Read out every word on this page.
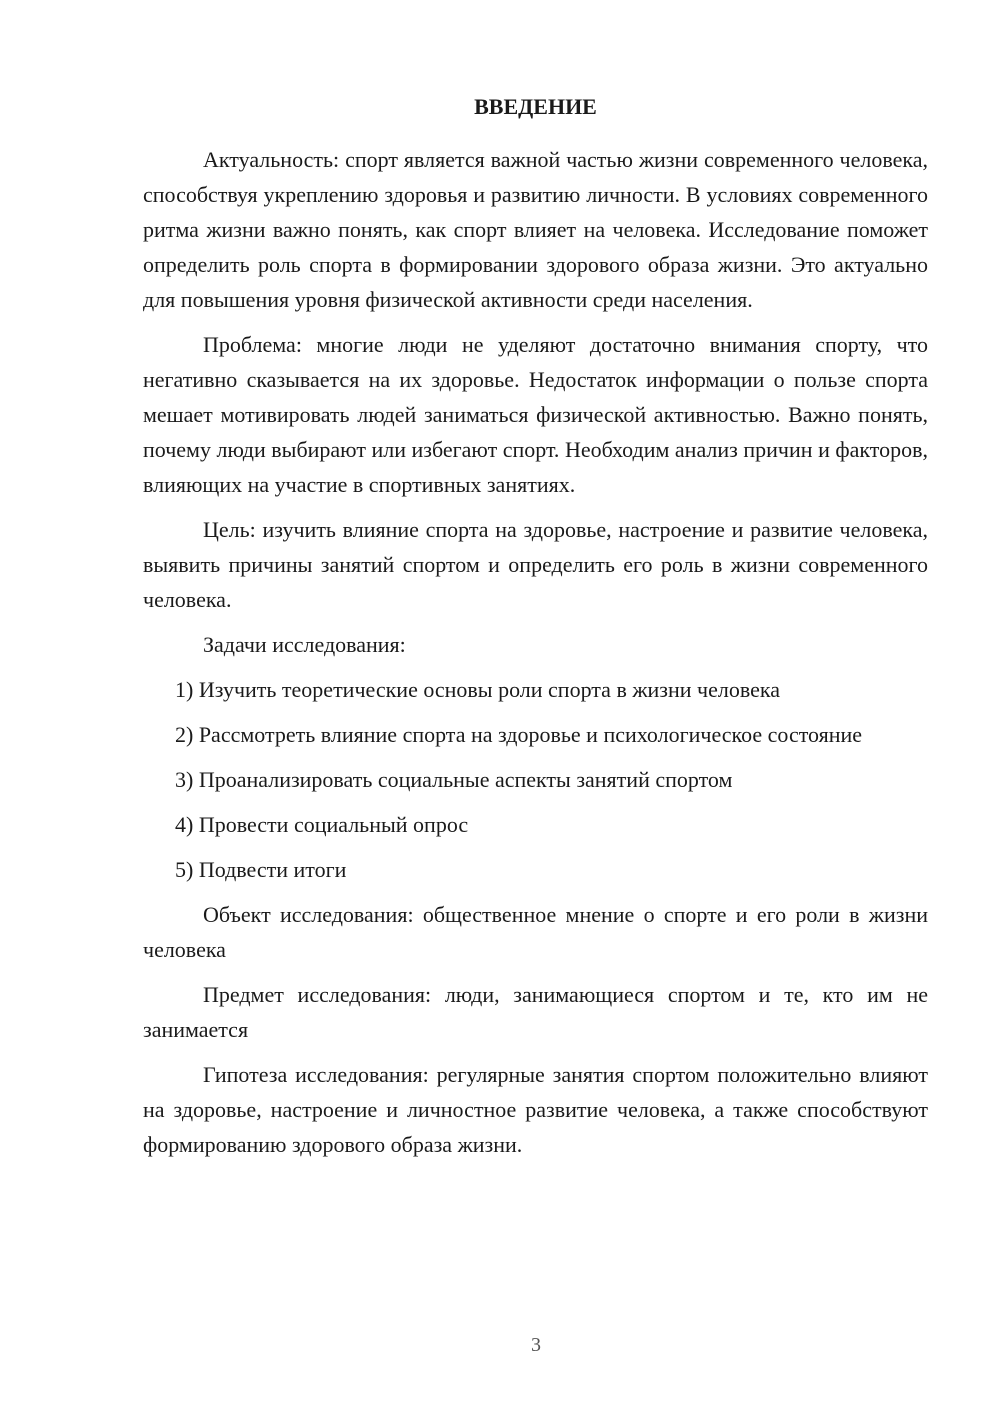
ВВЕДЕНИЕ

Актуальность: спорт является важной частью жизни современного человека, способствуя укреплению здоровья и развитию личности. В условиях современного ритма жизни важно понять, как спорт влияет на человека. Исследование поможет определить роль спорта в формировании здорового образа жизни. Это актуально для повышения уровня физической активности среди населения.

Проблема: многие люди не уделяют достаточно внимания спорту, что негативно сказывается на их здоровье. Недостаток информации о пользе спорта мешает мотивировать людей заниматься физической активностью. Важно понять, почему люди выбирают или избегают спорт. Необходим анализ причин и факторов, влияющих на участие в спортивных занятиях.

Цель: изучить влияние спорта на здоровье, настроение и развитие человека, выявить причины занятий спортом и определить его роль в жизни современного человека.

Задачи исследования:

1) Изучить теоретические основы роли спорта в жизни человека

2) Рассмотреть влияние спорта на здоровье и психологическое состояние

3) Проанализировать социальные аспекты занятий спортом

4) Провести социальный опрос

5) Подвести итоги

Объект исследования: общественное мнение о спорте и его роли в жизни человека

Предмет исследования: люди, занимающиеся спортом и те, кто им не занимается

Гипотеза исследования: регулярные занятия спортом положительно влияют на здоровье, настроение и личностное развитие человека, а также способствуют формированию здорового образа жизни.

3
